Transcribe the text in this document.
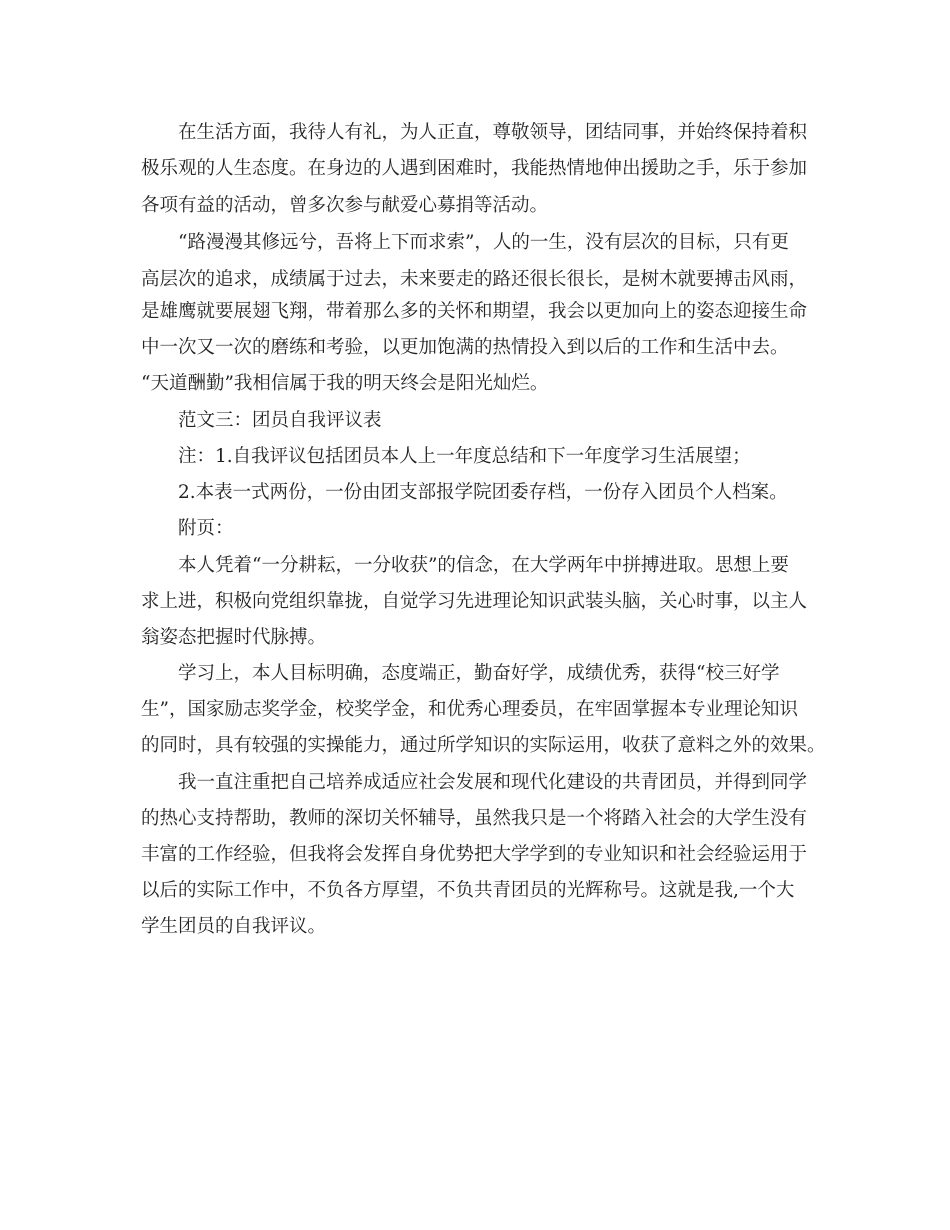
　　在生活方面，我待人有礼，为人正直，尊敬领导，团结同事，并始终保持着积
极乐观的人生态度。在身边的人遇到困难时，我能热情地伸出援助之手，乐于参加
各项有益的活动，曾多次参与献爱心募捐等活动。
　　“路漫漫其修远兮，吾将上下而求索”，人的一生，没有层次的目标，只有更
高层次的追求，成绩属于过去，未来要走的路还很长很长，是树木就要搏击风雨，
是雄鹰就要展翅飞翔，带着那么多的关怀和期望，我会以更加向上的姿态迎接生命
中一次又一次的磨练和考验，以更加饱满的热情投入到以后的工作和生活中去。
“天道酬勤”我相信属于我的明天终会是阳光灿烂。
　　范文三：团员自我评议表
　　注：1.自我评议包括团员本人上一年度总结和下一年度学习生活展望；
　　2.本表一式两份，一份由团支部报学院团委存档，一份存入团员个人档案。
　　附页：
　　本人凭着“一分耕耘，一分收获”的信念，在大学两年中拼搏进取。思想上要
求上进，积极向党组织靠拢，自觉学习先进理论知识武装头脑，关心时事，以主人
翁姿态把握时代脉搏。
　　学习上，本人目标明确，态度端正，勤奋好学，成绩优秀，获得“校三好学
生”，国家励志奖学金，校奖学金，和优秀心理委员，在牢固掌握本专业理论知识
的同时，具有较强的实操能力，通过所学知识的实际运用，收获了意料之外的效果。
　　我一直注重把自己培养成适应社会发展和现代化建设的共青团员，并得到同学
的热心支持帮助，教师的深切关怀辅导，虽然我只是一个将踏入社会的大学生没有
丰富的工作经验，但我将会发挥自身优势把大学学到的专业知识和社会经验运用于
以后的实际工作中，不负各方厚望，不负共青团员的光辉称号。这就是我,一个大
学生团员的自我评议。
